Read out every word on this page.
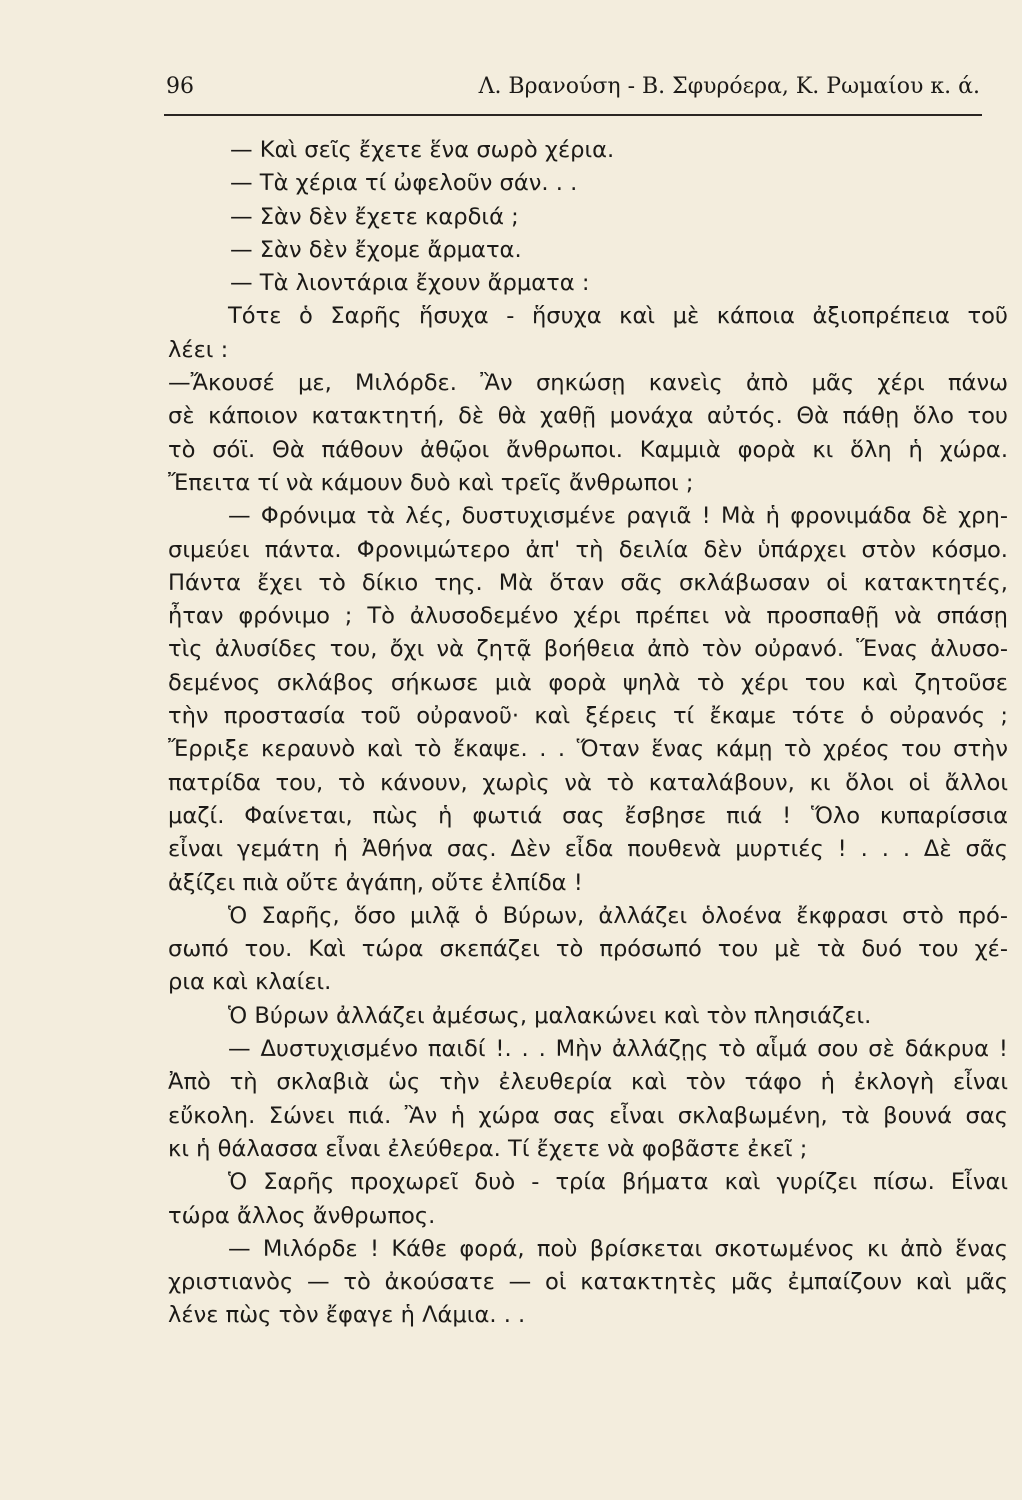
96	Λ. Βρανούση - Β. Σφυρόερα, Κ. Ρωμαίου κ. ά.

— Καὶ σεῖς ἔχετε ἕνα σωρὸ χέρια.

— Τὰ χέρια τί ὠφελοῦν σάν. . .

— Σὰν δὲν ἔχετε καρδιά ;

— Σὰν δὲν ἔχομε ἄρματα.

— Τὰ λιοντάρια ἔχουν ἄρματα :

Τότε ὁ Σαρῆς ἥσυχα - ἥσυχα καὶ μὲ κάποια ἀξιοπρέπεια τοῦ

λέει :

—Ἄκουσέ με, Μιλόρδε. Ἂν σηκώσῃ κανεὶς ἀπὸ μᾶς χέρι πάνω

σὲ κάποιον κατακτητή, δὲ θὰ χαθῇ μονάχα αὐτός. Θὰ πάθῃ ὅλο του

τὸ σόϊ. Θὰ πάθουν ἀθῷοι ἄνθρωποι. Καμμιὰ φορὰ κι ὅλη ἡ χώρα.

Ἔπειτα τί νὰ κάμουν δυὸ καὶ τρεῖς ἄνθρωποι ;

— Φρόνιμα τὰ λές, δυστυχισμένε ραγιᾶ ! Μὰ ἡ φρονιμάδα δὲ χρη-

σιμεύει πάντα. Φρονιμώτερο ἀπ' τὴ δειλία δὲν ὑπάρχει στὸν κόσμο.

Πάντα ἔχει τὸ δίκιο της. Μὰ ὅταν σᾶς σκλάβωσαν οἱ κατακτητές,

ἦταν φρόνιμο ; Τὸ ἀλυσοδεμένο χέρι πρέπει νὰ προσπαθῇ νὰ σπάσῃ

τὶς ἀλυσίδες του, ὄχι νὰ ζητᾷ βοήθεια ἀπὸ τὸν οὐρανό. Ἕνας ἀλυσο-

δεμένος σκλάβος σήκωσε μιὰ φορὰ ψηλὰ τὸ χέρι του καὶ ζητοῦσε

τὴν προστασία τοῦ οὐρανοῦ· καὶ ξέρεις τί ἔκαμε τότε ὁ οὐρανός ;

Ἔρριξε κεραυνὸ καὶ τὸ ἔκαψε. . . Ὅταν ἕνας κάμῃ τὸ χρέος του στὴν

πατρίδα του, τὸ κάνουν, χωρὶς νὰ τὸ καταλάβουν, κι ὅλοι οἱ ἄλλοι

μαζί. Φαίνεται, πὼς ἡ φωτιά σας ἔσβησε πιά ! Ὅλο κυπαρίσσια

εἶναι γεμάτη ἡ Ἀθήνα σας. Δὲν εἶδα πουθενὰ μυρτιές ! . . . Δὲ σᾶς

ἀξίζει πιὰ οὔτε ἀγάπη, οὔτε ἐλπίδα !

Ὁ Σαρῆς, ὅσο μιλᾷ ὁ Βύρων, ἀλλάζει ὁλοένα ἔκφρασι στὸ πρό-

σωπό του. Καὶ τώρα σκεπάζει τὸ πρόσωπό του μὲ τὰ δυό του χέ-

ρια καὶ κλαίει.

Ὁ Βύρων ἀλλάζει ἀμέσως, μαλακώνει καὶ τὸν πλησιάζει.

— Δυστυχισμένο παιδί !. . . Μὴν ἀλλάζῃς τὸ αἷμά σου σὲ δάκρυα !

Ἀπὸ τὴ σκλαβιὰ ὡς τὴν ἐλευθερία καὶ τὸν τάφο ἡ ἐκλογὴ εἶναι

εὔκολη. Σώνει πιά. Ἂν ἡ χώρα σας εἶναι σκλαβωμένη, τὰ βουνά σας

κι ἡ θάλασσα εἶναι ἐλεύθερα. Τί ἔχετε νὰ φοβᾶστε ἐκεῖ ;

Ὁ Σαρῆς προχωρεῖ δυὸ - τρία βήματα καὶ γυρίζει πίσω. Εἶναι

τώρα ἄλλος ἄνθρωπος.

— Μιλόρδε ! Κάθε φορά, ποὺ βρίσκεται σκοτωμένος κι ἀπὸ ἕνας

χριστιανὸς — τὸ ἀκούσατε — οἱ κατακτητὲς μᾶς ἐμπαίζουν καὶ μᾶς

λένε πὼς τὸν ἔφαγε ἡ Λάμια. . .
